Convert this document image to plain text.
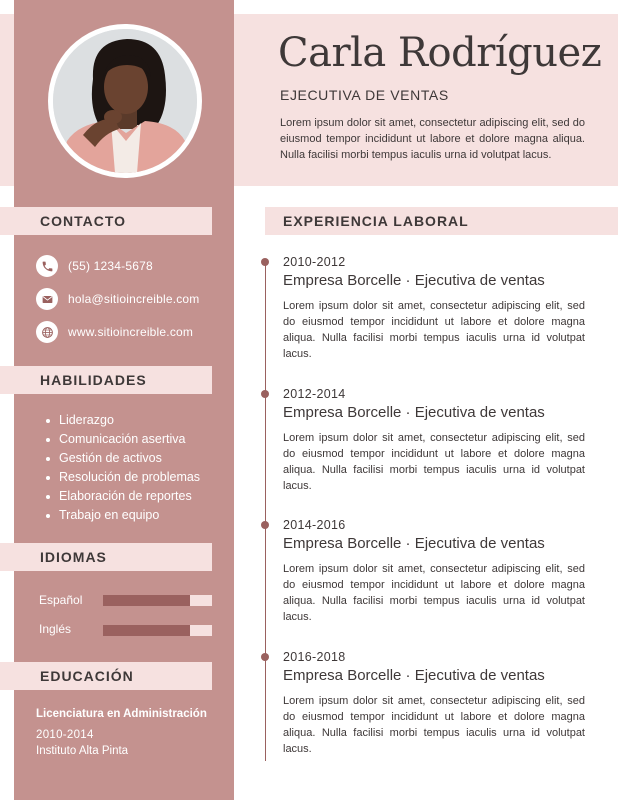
Carla Rodríguez
EJECUTIVA DE VENTAS

Lorem ipsum dolor sit amet, consectetur adipiscing elit, sed do eiusmod tempor incididunt ut labore et dolore magna aliqua. Nulla facilisi morbi tempus iaculis urna id volutpat lacus.

CONTACTO
(55) 1234-5678
hola@sitioincreible.com
www.sitioincreible.com
HABILIDADES
Liderazgo
Comunicación asertiva
Gestión de activos
Resolución de problemas
Elaboración de reportes
Trabajo en equipo
IDIOMAS
Español
Inglés
EDUCACIÓN
Licenciatura en Administración
2010-2014
Instituto Alta Pinta
EXPERIENCIA LABORAL
2010-2012
Empresa Borcelle · Ejecutiva de ventas

Lorem ipsum dolor sit amet, consectetur adipiscing elit, sed do eiusmod tempor incididunt ut labore et dolore magna aliqua. Nulla facilisi morbi tempus iaculis urna id volutpat lacus.

2012-2014
Empresa Borcelle · Ejecutiva de ventas

Lorem ipsum dolor sit amet, consectetur adipiscing elit, sed do eiusmod tempor incididunt ut labore et dolore magna aliqua. Nulla facilisi morbi tempus iaculis urna id volutpat lacus.

2014-2016
Empresa Borcelle · Ejecutiva de ventas

Lorem ipsum dolor sit amet, consectetur adipiscing elit, sed do eiusmod tempor incididunt ut labore et dolore magna aliqua. Nulla facilisi morbi tempus iaculis urna id volutpat lacus.

2016-2018
Empresa Borcelle · Ejecutiva de ventas

Lorem ipsum dolor sit amet, consectetur adipiscing elit, sed do eiusmod tempor incididunt ut labore et dolore magna aliqua. Nulla facilisi morbi tempus iaculis urna id volutpat lacus.
